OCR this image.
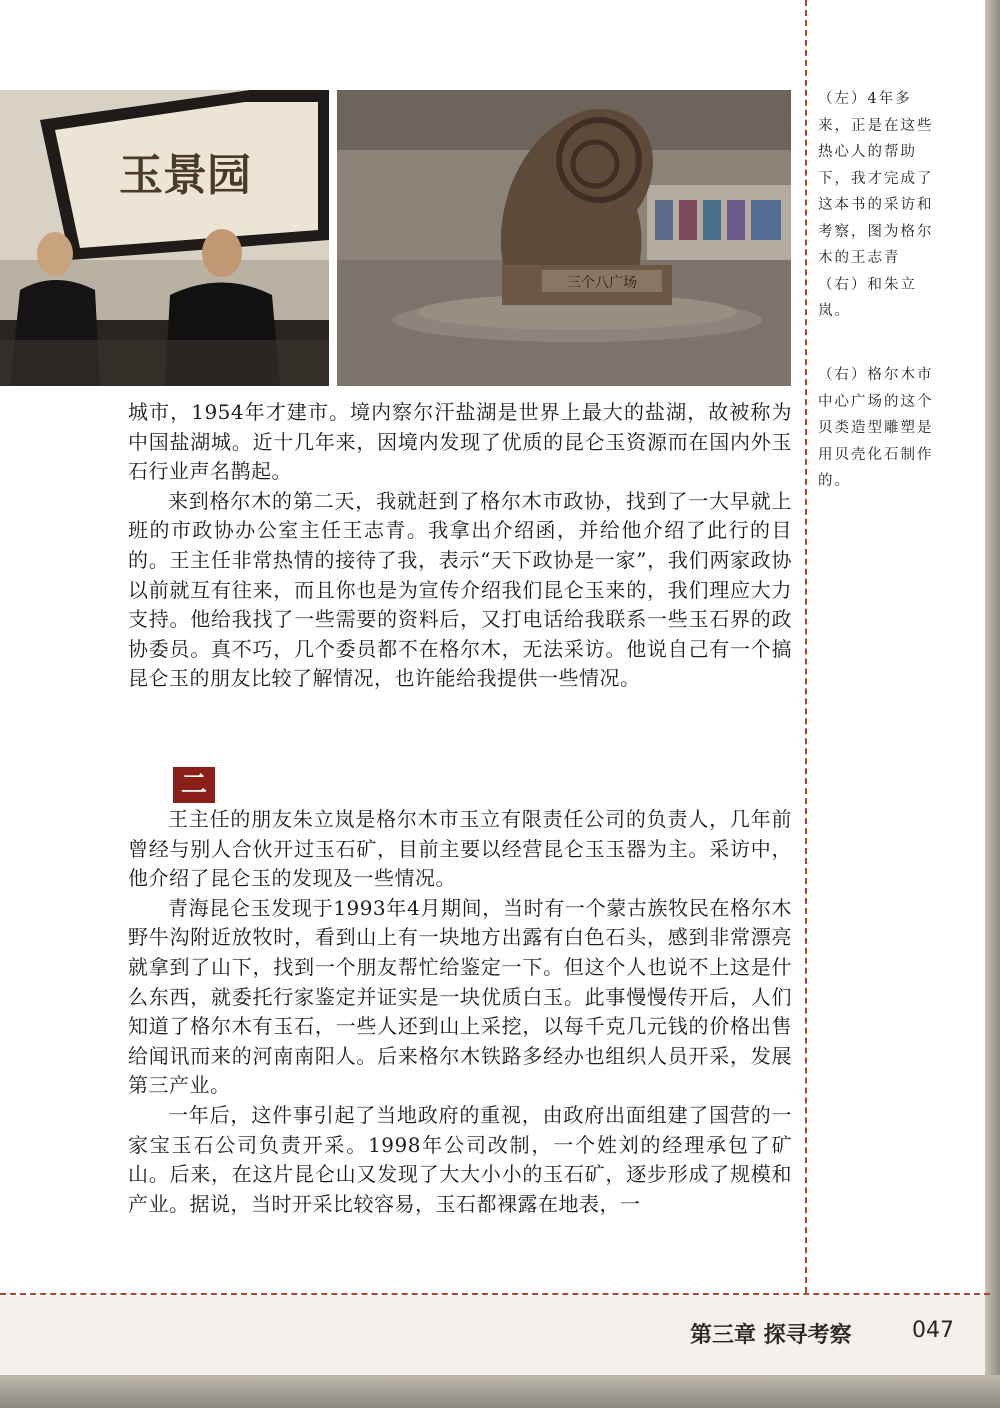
玉景园
三个八广场
（左）4年多来，正是在这些热心人的帮助下，我才完成了这本书的采访和考察，图为格尔木的王志青（右）和朱立岚。
（右）格尔木市中心广场的这个贝类造型雕塑是用贝壳化石制作的。

城市，1954年才建市。境内察尔汗盐湖是世界上最大的盐湖，故被称为中国盐湖城。近十几年来，因境内发现了优质的昆仑玉资源而在国内外玉石行业声名鹊起。

来到格尔木的第二天，我就赶到了格尔木市政协，找到了一大早就上班的市政协办公室主任王志青。我拿出介绍函，并给他介绍了此行的目的。王主任非常热情的接待了我，表示“天下政协是一家”，我们两家政协以前就互有往来，而且你也是为宣传介绍我们昆仑玉来的，我们理应大力支持。他给我找了一些需要的资料后，又打电话给我联系一些玉石界的政协委员。真不巧，几个委员都不在格尔木，无法采访。他说自己有一个搞昆仑玉的朋友比较了解情况，也许能给我提供一些情况。

二

王主任的朋友朱立岚是格尔木市玉立有限责任公司的负责人，几年前曾经与别人合伙开过玉石矿，目前主要以经营昆仑玉玉器为主。采访中，他介绍了昆仑玉的发现及一些情况。

青海昆仑玉发现于1993年4月期间，当时有一个蒙古族牧民在格尔木野牛沟附近放牧时，看到山上有一块地方出露有白色石头，感到非常漂亮就拿到了山下，找到一个朋友帮忙给鉴定一下。但这个人也说不上这是什么东西，就委托行家鉴定并证实是一块优质白玉。此事慢慢传开后，人们知道了格尔木有玉石，一些人还到山上采挖，以每千克几元钱的价格出售给闻讯而来的河南南阳人。后来格尔木铁路多经办也组织人员开采，发展第三产业。

一年后，这件事引起了当地政府的重视，由政府出面组建了国营的一家宝玉石公司负责开采。1998年公司改制，一个姓刘的经理承包了矿山。后来，在这片昆仑山又发现了大大小小的玉石矿，逐步形成了规模和产业。据说，当时开采比较容易，玉石都裸露在地表，一

第三章 探寻考察	047
